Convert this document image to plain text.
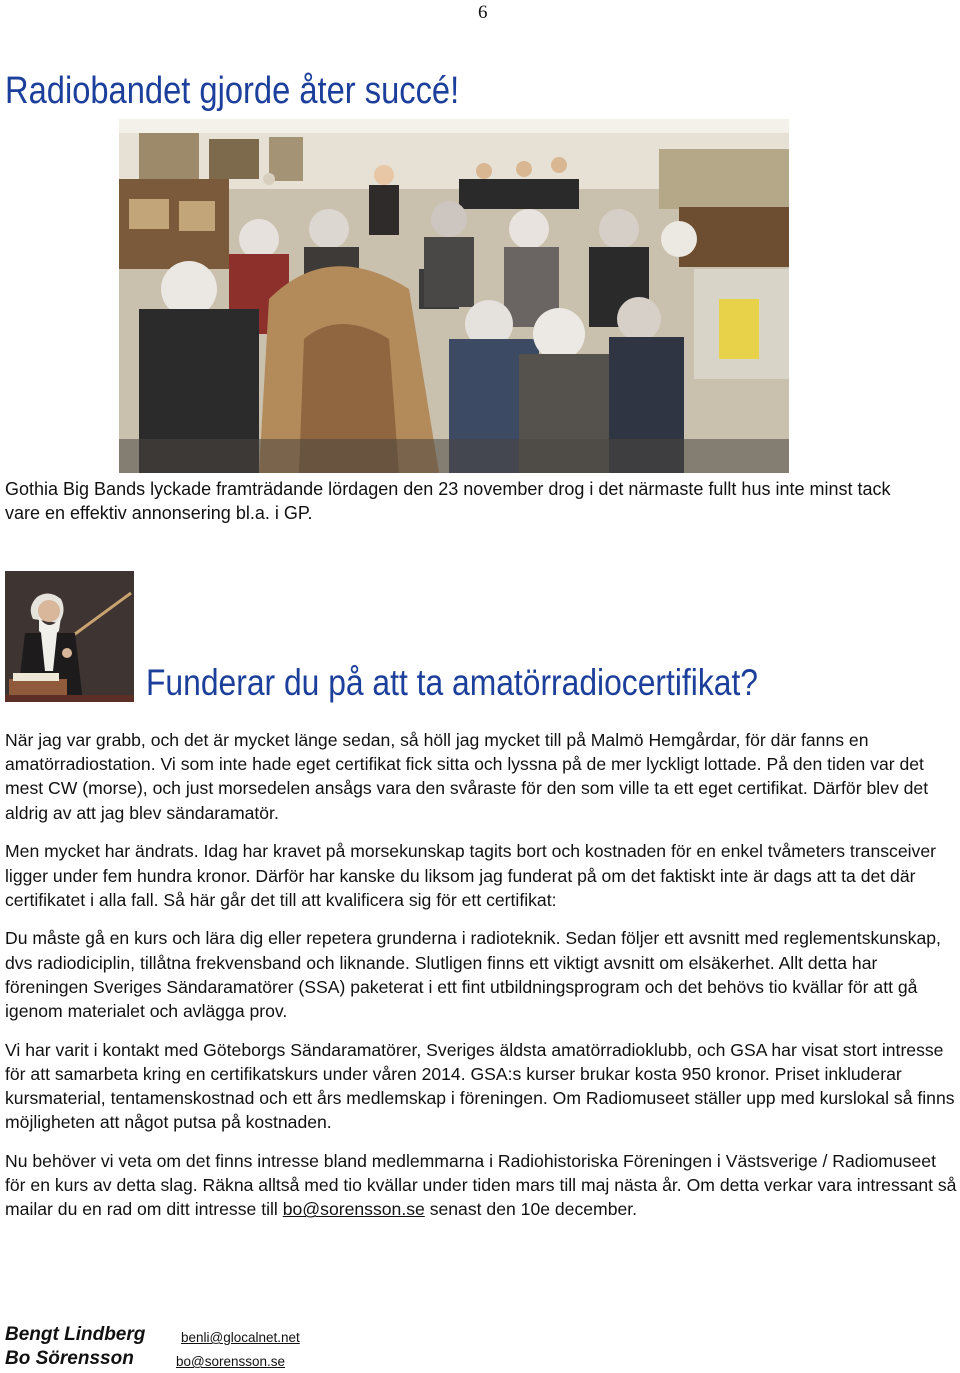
6
Radiobandet gjorde åter succé!
Gothia Big Bands lyckade framträdande lördagen den 23 november drog i det närmaste fullt hus inte minst tack vare en effektiv annonsering bl.a. i GP.
Funderar du på att ta amatörradiocertifikat?

När jag var grabb, och det är mycket länge sedan, så höll jag mycket till på Malmö Hemgårdar, för där fanns en amatörradiostation. Vi som inte hade eget certifikat fick sitta och lyssna på de mer lyckligt lottade. På den tiden var det mest CW (morse), och just morsedelen ansågs vara den svåraste för den som ville ta ett eget certifikat. Därför blev det aldrig av att jag blev sändaramatör.

Men mycket har ändrats. Idag har kravet på morsekunskap tagits bort och kostnaden för en enkel tvåmeters transceiver ligger under fem hundra kronor. Därför har kanske du liksom jag funderat på om det faktiskt inte är dags att ta det där certifikatet i alla fall. Så här går det till att kvalificera sig för ett certifikat:

Du måste gå en kurs och lära dig eller repetera grunderna i radioteknik. Sedan följer ett avsnitt med reglementskunskap, dvs radiodiciplin, tillåtna frekvensband och liknande. Slutligen finns ett viktigt avsnitt om elsäkerhet. Allt detta har föreningen Sveriges Sändaramatörer (SSA) paketerat i ett fint utbildningsprogram och det behövs tio kvällar för att gå igenom materialet och avlägga prov.

Vi har varit i kontakt med Göteborgs Sändaramatörer, Sveriges äldsta amatörradioklubb, och GSA har visat stort intresse för att samarbeta kring en certifikatskurs under våren 2014. GSA:s kurser brukar kosta 950 kronor. Priset inkluderar kursmaterial, tentamenskostnad och ett års medlemskap i föreningen. Om Radiomuseet ställer upp med kurslokal så finns möjligheten att något putsa på kostnaden.

Nu behöver vi veta om det finns intresse bland medlemmarna i Radiohistoriska Föreningen i Västsverige / Radiomuseet för en kurs av detta slag. Räkna alltså med tio kvällar under tiden mars till maj nästa år. Om detta verkar vara intressant så mailar du en rad om ditt intresse till bo@sorensson.se senast den 10e december.

Bengt Lindberg	benli@glocalnet.net
Bo Sörensson	bo@sorensson.se
